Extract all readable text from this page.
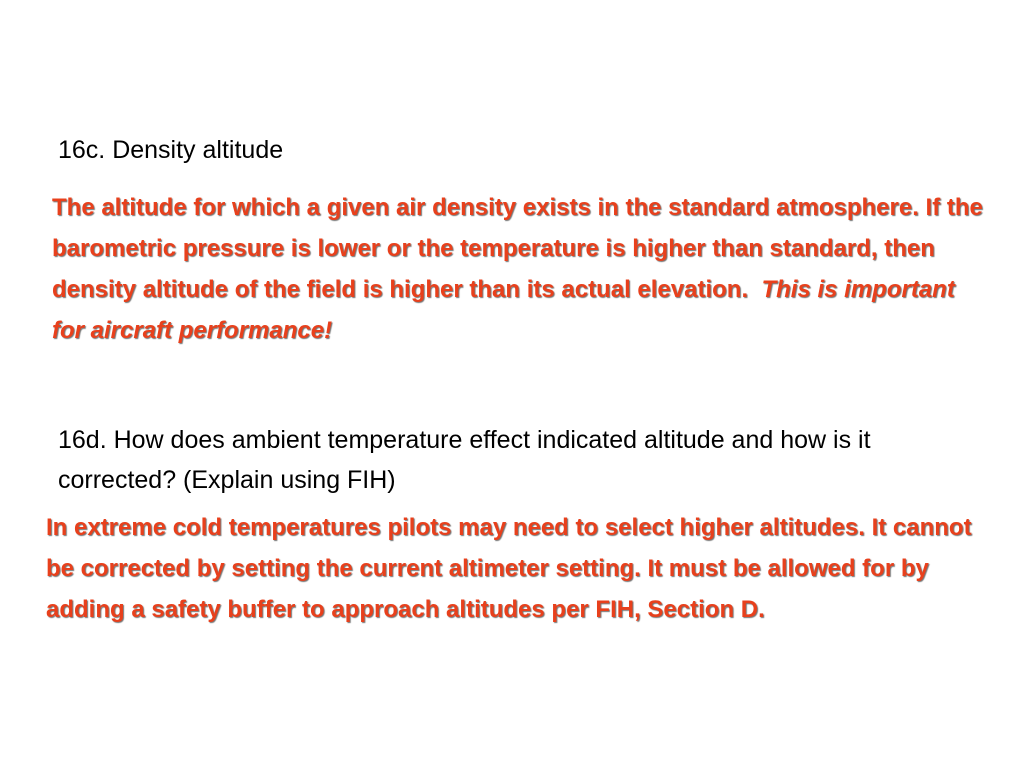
16c. Density altitude

The altitude for which a given air density exists in the standard atmosphere. If the barometric pressure is lower or the temperature is higher than standard, then density altitude of the field is higher than its actual elevation. This is important for aircraft performance!

16d. How does ambient temperature effect indicated altitude and how is it corrected? (Explain using FIH)

In extreme cold temperatures pilots may need to select higher altitudes. It cannot be corrected by setting the current altimeter setting. It must be allowed for by adding a safety buffer to approach altitudes per FIH, Section D.
